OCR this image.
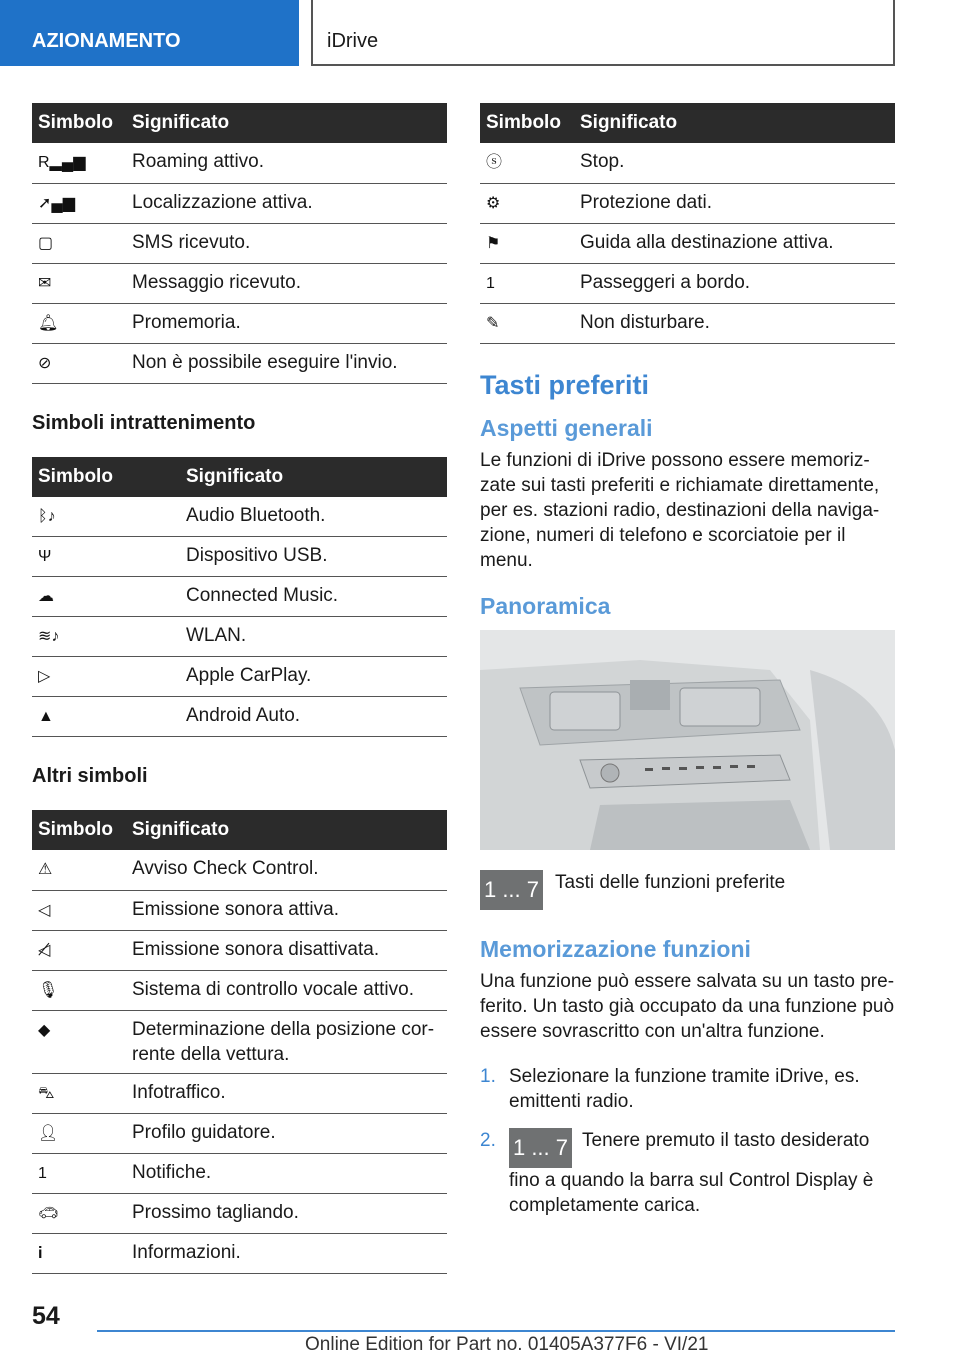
AZIONAMENTO	iDrive
Simbolo	Significato
R▂▄▆	Roaming attivo.
➚▄▆	Localizzazione attiva.
▢	SMS ricevuto.
✉	Messaggio ricevuto.
🔔︎	Promemoria.
⊘	Non è possibile eseguire l'invio.
Simboli intrattenimento
Simbolo	Significato
ᛒ♪	Audio Bluetooth.
Ψ	Dispositivo USB.
☁	Connected Music.
≋♪	WLAN.
▷	Apple CarPlay.
▲	Android Auto.
Altri simboli
Simbolo	Significato
⚠	Avviso Check Control.
◁	Emissione sonora attiva.
◁̸	Emissione sonora disattivata.
🎙︎	Sistema di controllo vocale attivo.
◆	Determinazione della posizione corrente della vettura.
⛍	Infotraffico.
👤︎	Profilo guidatore.
1	Notifiche.
🚗︎	Prossimo tagliando.
𝐢	Informazioni.
Simbolo	Significato
ⓢ	Stop.
⚙	Protezione dati.
⚑	Guida alla destinazione attiva.
1	Passeggeri a bordo.
✎	Non disturbare.
Tasti preferiti
Aspetti generali

Le funzioni di iDrive possono essere memorizzate sui tasti preferiti e richiamate direttamente, per es. stazioni radio, destinazioni della navigazione, numeri di telefono e scorciatoie per il menu.

Panoramica
1 ... 7 Tasti delle funzioni preferite
Memorizzazione funzioni

Una funzione può essere salvata su un tasto preferito. Un tasto già occupato da una funzione può essere sovrascritto con un'altra funzione.

1. Selezionare la funzione tramite iDrive, es. emittenti radio.
2. 1 ... 7 Tenere premuto il tasto desiderato fino a quando la barra sul Control Display è completamente carica.
54
Online Edition for Part no. 01405A377F6 - VI/21
